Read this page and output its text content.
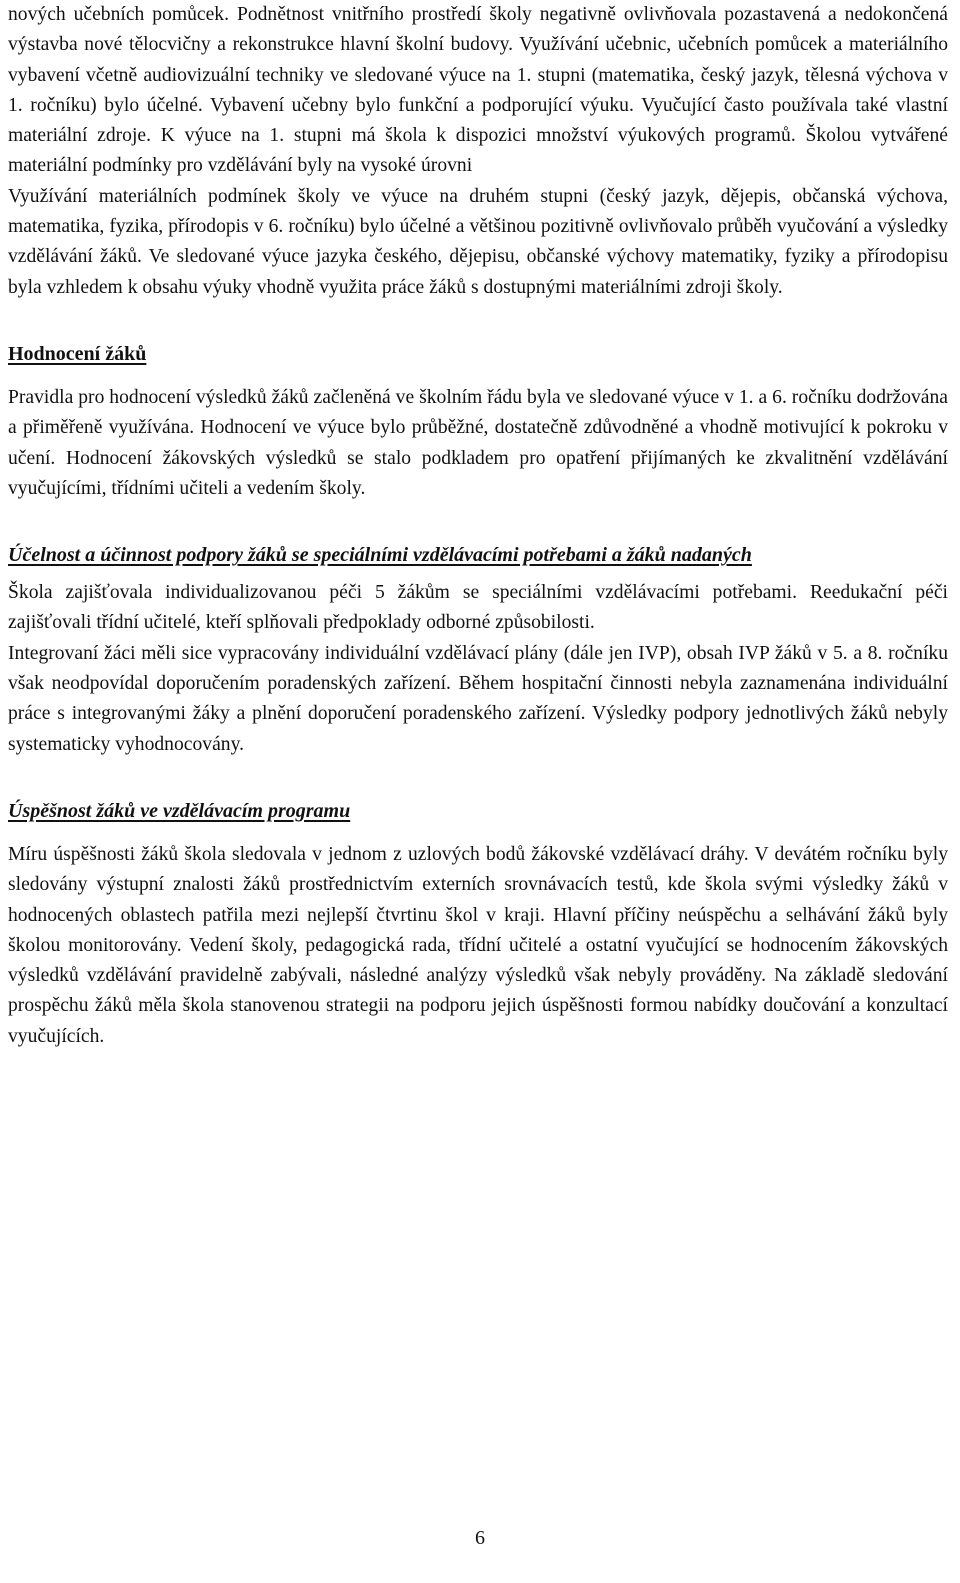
nových učebních pomůcek. Podnětnost vnitřního prostředí školy negativně ovlivňovala pozastavená a nedokončená výstavba nové tělocvičny a rekonstrukce hlavní školní budovy. Využívání učebnic, učebních pomůcek a materiálního vybavení včetně audiovizuální techniky ve sledované výuce na 1. stupni (matematika, český jazyk, tělesná výchova v 1. ročníku) bylo účelné. Vybavení učebny bylo funkční a podporující výuku. Vyučující často používala také vlastní materiální zdroje. K výuce na 1. stupni má škola k dispozici množství výukových programů. Školou vytvářené materiální podmínky pro vzdělávání byly na vysoké úrovni

Využívání materiálních podmínek školy ve výuce na druhém stupni (český jazyk, dějepis, občanská výchova, matematika, fyzika, přírodopis v 6. ročníku) bylo účelné a většinou pozitivně ovlivňovalo průběh vyučování a výsledky vzdělávání žáků. Ve sledované výuce jazyka českého, dějepisu, občanské výchovy matematiky, fyziky a přírodopisu byla vzhledem k obsahu výuky vhodně využita práce žáků s dostupnými materiálními zdroji školy.

Hodnocení žáků

Pravidla pro hodnocení výsledků žáků začleněná ve školním řádu byla ve sledované výuce v 1. a 6. ročníku dodržována a přiměřeně využívána. Hodnocení ve výuce bylo průběžné, dostatečně zdůvodněné a vhodně motivující k pokroku v učení. Hodnocení žákovských výsledků se stalo podkladem pro opatření přijímaných ke zkvalitnění vzdělávání vyučujícími, třídními učiteli a vedením školy.

Účelnost a účinnost podpory žáků se speciálními vzdělávacími potřebami a žáků nadaných

Škola zajišťovala individualizovanou péči 5 žákům se speciálními vzdělávacími potřebami. Reedukační péči zajišťovali třídní učitelé, kteří splňovali předpoklady odborné způsobilosti.

Integrovaní žáci měli sice vypracovány individuální vzdělávací plány (dále jen IVP), obsah IVP žáků v 5. a 8. ročníku však neodpovídal doporučením poradenských zařízení. Během hospitační činnosti nebyla zaznamenána individuální práce s integrovanými žáky a plnění doporučení poradenského zařízení. Výsledky podpory jednotlivých žáků nebyly systematicky vyhodnocovány.

Úspěšnost žáků ve vzdělávacím programu

Míru úspěšnosti žáků škola sledovala v jednom z uzlových bodů žákovské vzdělávací dráhy. V devátém ročníku byly sledovány výstupní znalosti žáků prostřednictvím externích srovnávacích testů, kde škola svými výsledky žáků v hodnocených oblastech patřila mezi nejlepší čtvrtinu škol v kraji. Hlavní příčiny neúspěchu a selhávání žáků byly školou monitorovány. Vedení školy, pedagogická rada, třídní učitelé a ostatní vyučující se hodnocením žákovských výsledků vzdělávání pravidelně zabývali, následné analýzy výsledků však nebyly prováděny. Na základě sledování prospěchu žáků měla škola stanovenou strategii na podporu jejich úspěšnosti formou nabídky doučování a konzultací vyučujících.

6
